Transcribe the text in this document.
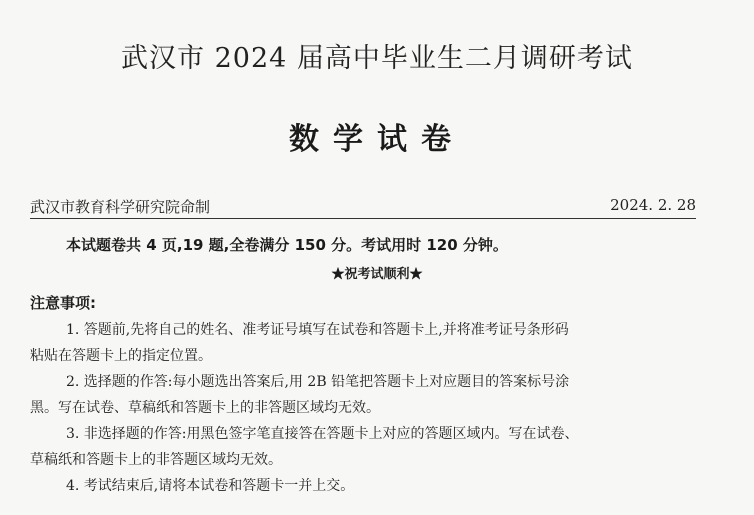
武汉市 2024 届高中毕业生二月调研考试
数学试卷
武汉市教育科学研究院命制	2024. 2. 28
本试题卷共 4 页,19 题,全卷满分 150 分。考试用时 120 分钟。
★祝考试顺利★
注意事项:
1. 答题前,先将自己的姓名、准考证号填写在试卷和答题卡上,并将准考证号条形码
粘贴在答题卡上的指定位置。
2. 选择题的作答:每小题选出答案后,用 2B 铅笔把答题卡上对应题目的答案标号涂
黑。写在试卷、草稿纸和答题卡上的非答题区域均无效。
3. 非选择题的作答:用黑色签字笔直接答在答题卡上对应的答题区域内。写在试卷、
草稿纸和答题卡上的非答题区域均无效。
4. 考试结束后,请将本试卷和答题卡一并上交。
